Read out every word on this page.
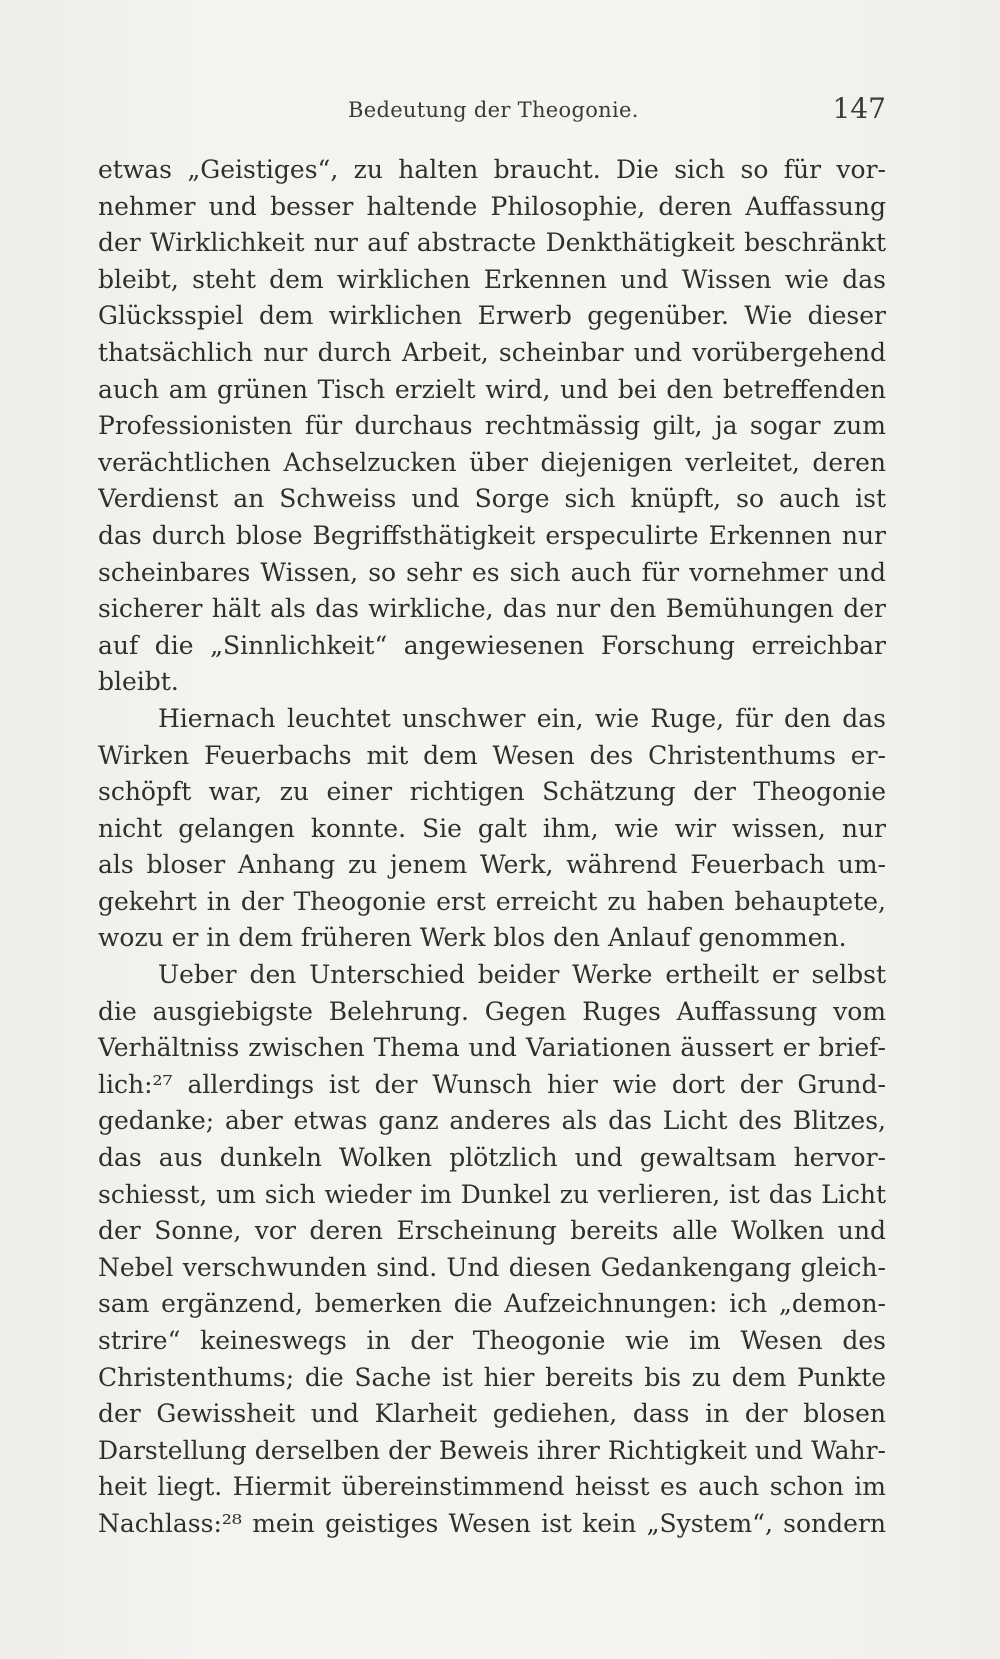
Bedeutung der Theogonie.	147
etwas „Geistiges“, zu halten braucht. Die sich so für vor-
nehmer und besser haltende Philosophie, deren Auffassung
der Wirklichkeit nur auf abstracte Denkthätigkeit beschränkt
bleibt, steht dem wirklichen Erkennen und Wissen wie das
Glücksspiel dem wirklichen Erwerb gegenüber. Wie dieser
thatsächlich nur durch Arbeit, scheinbar und vorübergehend
auch am grünen Tisch erzielt wird, und bei den betreffenden
Professionisten für durchaus rechtmässig gilt, ja sogar zum
verächtlichen Achselzucken über diejenigen verleitet, deren
Verdienst an Schweiss und Sorge sich knüpft, so auch ist
das durch blose Begriffsthätigkeit erspeculirte Erkennen nur
scheinbares Wissen, so sehr es sich auch für vornehmer und
sicherer hält als das wirkliche, das nur den Bemühungen der
auf die „Sinnlichkeit“ angewiesenen Forschung erreichbar
bleibt.
Hiernach leuchtet unschwer ein, wie Ruge, für den das
Wirken Feuerbachs mit dem Wesen des Christenthums er-
schöpft war, zu einer richtigen Schätzung der Theogonie
nicht gelangen konnte. Sie galt ihm, wie wir wissen, nur
als bloser Anhang zu jenem Werk, während Feuerbach um-
gekehrt in der Theogonie erst erreicht zu haben behauptete,
wozu er in dem früheren Werk blos den Anlauf genommen.
Ueber den Unterschied beider Werke ertheilt er selbst
die ausgiebigste Belehrung. Gegen Ruges Auffassung vom
Verhältniss zwischen Thema und Variationen äussert er brief-
lich:²⁷ allerdings ist der Wunsch hier wie dort der Grund-
gedanke; aber etwas ganz anderes als das Licht des Blitzes,
das aus dunkeln Wolken plötzlich und gewaltsam hervor-
schiesst, um sich wieder im Dunkel zu verlieren, ist das Licht
der Sonne, vor deren Erscheinung bereits alle Wolken und
Nebel verschwunden sind. Und diesen Gedankengang gleich-
sam ergänzend, bemerken die Aufzeichnungen: ich „demon-
strire“ keineswegs in der Theogonie wie im Wesen des
Christenthums; die Sache ist hier bereits bis zu dem Punkte
der Gewissheit und Klarheit gediehen, dass in der blosen
Darstellung derselben der Beweis ihrer Richtigkeit und Wahr-
heit liegt. Hiermit übereinstimmend heisst es auch schon im
Nachlass:²⁸ mein geistiges Wesen ist kein „System“, sondern
